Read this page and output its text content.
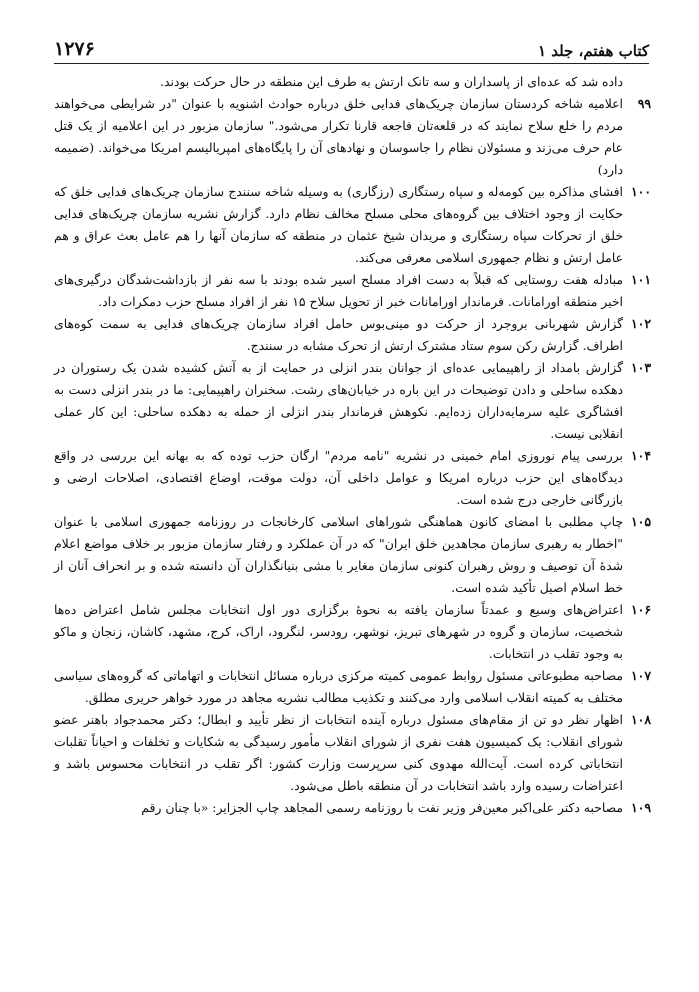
۱۲۷۶	کتاب هفتم، جلد ۱

داده شد که عده‌ای از پاسداران و سه تانک ارتش به طرف این منطقه در حال حرکت بودند.

۹۹
اعلامیه شاخه کردستان سازمان چریک‌های فدایی خلق درباره حوادث اشنویه با عنوان "در شرایطی می‌خواهند مردم را خلع سلاح نمایند که در قلعه‌تان فاجعه قارنا تکرار می‌شود." سازمان مزبور در این اعلامیه از یک قتل عام حرف می‌زند و مسئولان نظام را جاسوسان و نهادهای آن را پایگاه‌های امپریالیسم امریکا می‌خواند. (ضمیمه دارد)
۱۰۰
افشای مذاکره بین کومه‌له و سپاه رستگاری (رزگاری) به وسیله شاخه سنندج سازمان چریک‌های فدایی خلق که حکایت از وجود اختلاف بین گروه‌های محلی مسلح مخالف نظام دارد. گزارش نشریه سازمان چریک‌های فدایی خلق از تحرکات سپاه رستگاری و مریدان شیخ عثمان در منطقه که سازمان آنها را هم عامل بعث عراق و هم عامل ارتش و نظام جمهوری اسلامی معرفی می‌کند.
۱۰۱
مبادله هفت روستایی که قبلاً به دست افراد مسلح اسیر شده بودند با سه نفر از بازداشت‌شدگان درگیری‌های اخیر منطقه اورامانات. فرماندار اورامانات خبر از تحویل سلاح ۱۵ نفر از افراد مسلح حزب دمکرات داد.
۱۰۲
گزارش شهربانی بروجرد از حرکت دو مینی‌بوس حامل افراد سازمان چریک‌های فدایی به سمت کوه‌های اطراف. گزارش رکن سوم ستاد مشترک ارتش از تحرک مشابه در سنندج.
۱۰۳
گزارش بامداد از راهپیمایی عده‌ای از جوانان بندر انزلی در حمایت از به آتش کشیده شدن یک رستوران در دهکده ساحلی و دادن توضیحات در این باره در خیابان‌های رشت. سخنران راهپیمایی: ما در بندر انزلی دست به افشاگری علیه سرمایه‌داران زده‌ایم. نکوهش فرماندار بندر انزلی از حمله به دهکده ساحلی: این کار عملی انقلابی نیست.
۱۰۴
بررسی پیام نوروزی امام خمینی در نشریه "نامه مردم" ارگان حزب توده که به بهانه این بررسی در واقع دیدگاه‌های این حزب درباره امریکا و عوامل داخلی آن، دولت موقت، اوضاع اقتصادی، اصلاحات ارضی و بازرگانی خارجی درج شده است.
۱۰۵
چاپ مطلبی با امضای کانون هماهنگی شوراهای اسلامی کارخانجات در روزنامه جمهوری اسلامی با عنوان "اخطار به رهبری سازمان مجاهدین خلق ایران" که در آن عملکرد و رفتار سازمان مزبور بر خلاف مواضع اعلام شدهٔ آن توصیف و روش رهبران کنونی سازمان مغایر با مشی بنیانگذاران آن دانسته شده و بر انحراف آنان از خط اسلام اصیل تأکید شده است.
۱۰۶
اعتراض‌های وسیع و عمدتاً سازمان یافته به نحوهٔ برگزاری دور اول انتخابات مجلس شامل اعتراض ده‌ها شخصیت، سازمان و گروه در شهرهای تبریز، نوشهر، رودسر، لنگرود، اراک، کرج، مشهد، کاشان، زنجان و ماکو به وجود تقلب در انتخابات.
۱۰۷
مصاحبه مطبوعاتی مسئول روابط عمومی کمیته مرکزی درباره مسائل انتخابات و اتهاماتی که گروه‌های سیاسی مختلف به کمیته انقلاب اسلامی وارد می‌کنند و تکذیب مطالب نشریه مجاهد در مورد خواهر حریری مطلق.
۱۰۸
اظهار نظر دو تن از مقام‌های مسئول درباره آینده انتخابات از نظر تأیید و ابطال؛ دکتر محمدجواد باهنر عضو شورای انقلاب: یک کمیسیون هفت نفری از شورای انقلاب مأمور رسیدگی به شکایات و تخلفات و احیاناً تقلبات انتخاباتی کرده است. آیت‌الله مهدوی کنی سرپرست وزارت کشور: اگر تقلب در انتخابات محسوس باشد و اعتراضات رسیده وارد باشد انتخابات در آن منطقه باطل می‌شود.
۱۰۹
مصاحبه دکتر علی‌اکبر معین‌فر وزیر نفت با روزنامه رسمی المجاهد چاپ الجزایر: «با چنان رقم
